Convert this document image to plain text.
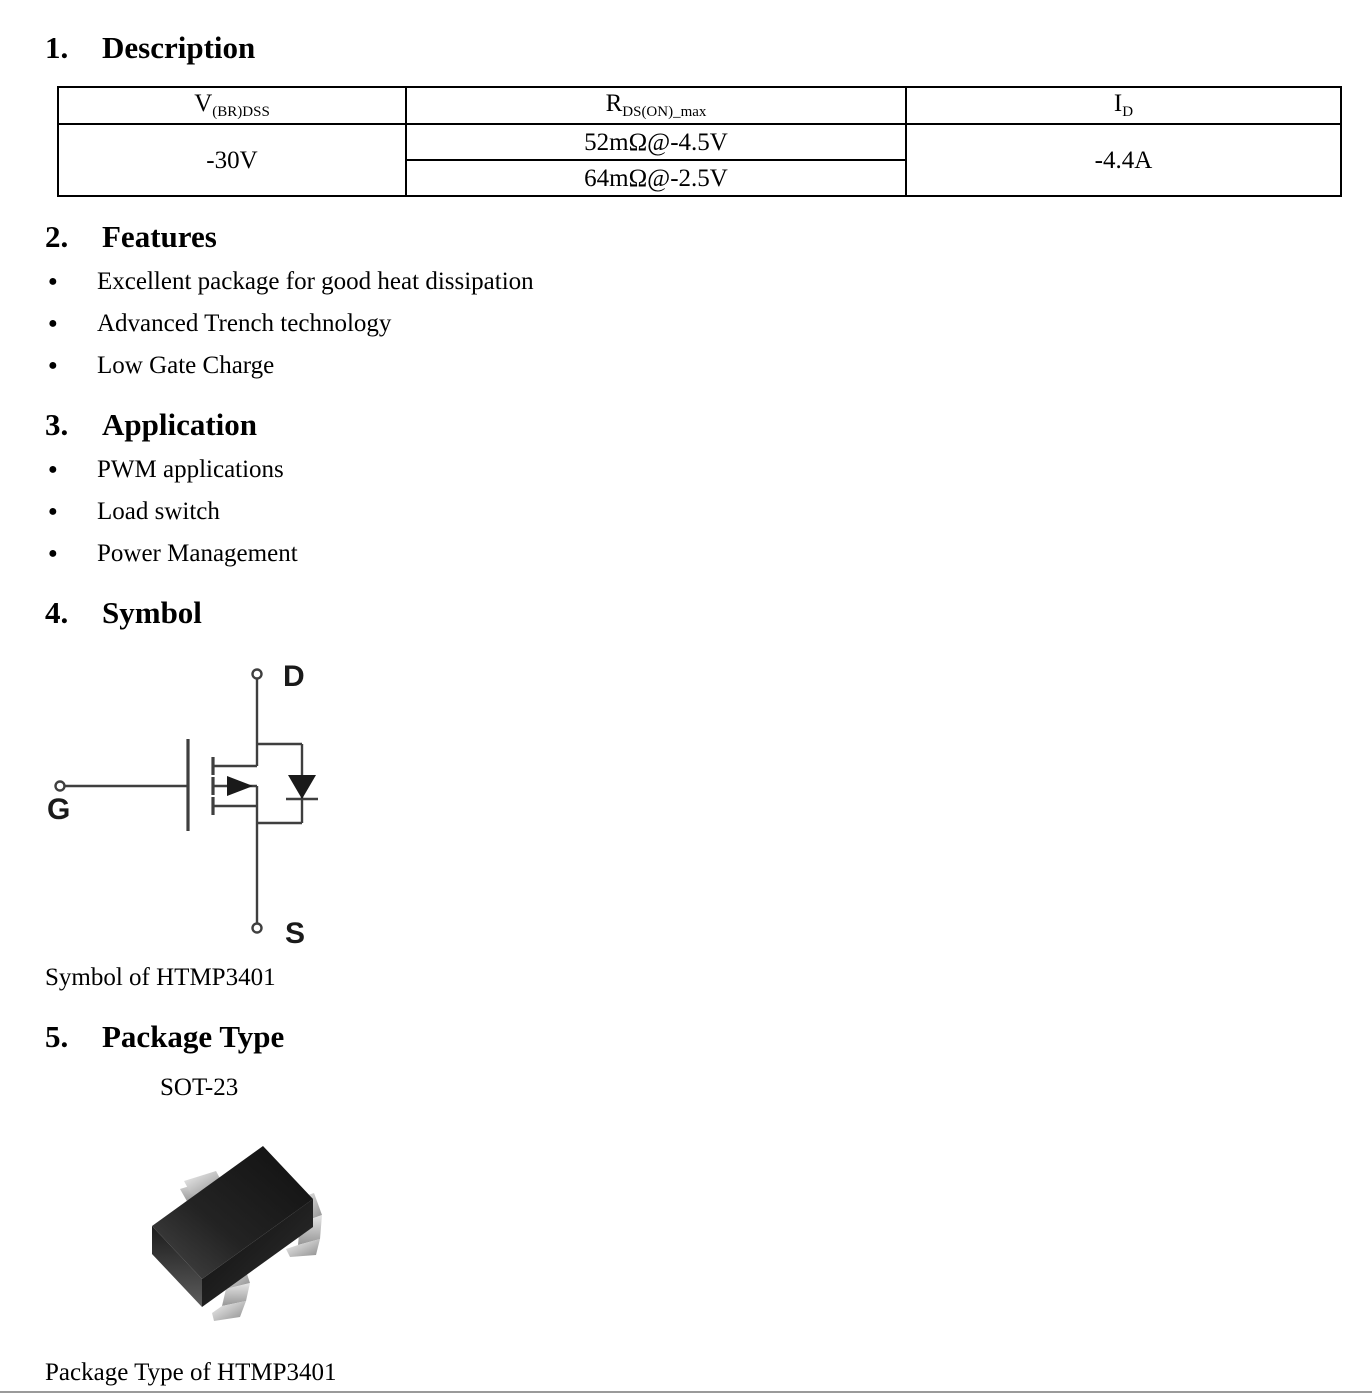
1.	Description
$V_{(BR)DSS}$	$R_{DS(ON)\_max}$	$I_D$
-30V	52mΩ@-4.5V	-4.4A
	64mΩ@-2.5V	
2.	Features
●	Excellent package for good heat dissipation
●	Advanced Trench technology
●	Low Gate Charge
3.	Application
●	PWM applications
●	Load switch
●	Power Management
4.	Symbol
D
G
S
Symbol of HTMP3401
5.	Package Type
SOT-23
Package Type of HTMP3401
